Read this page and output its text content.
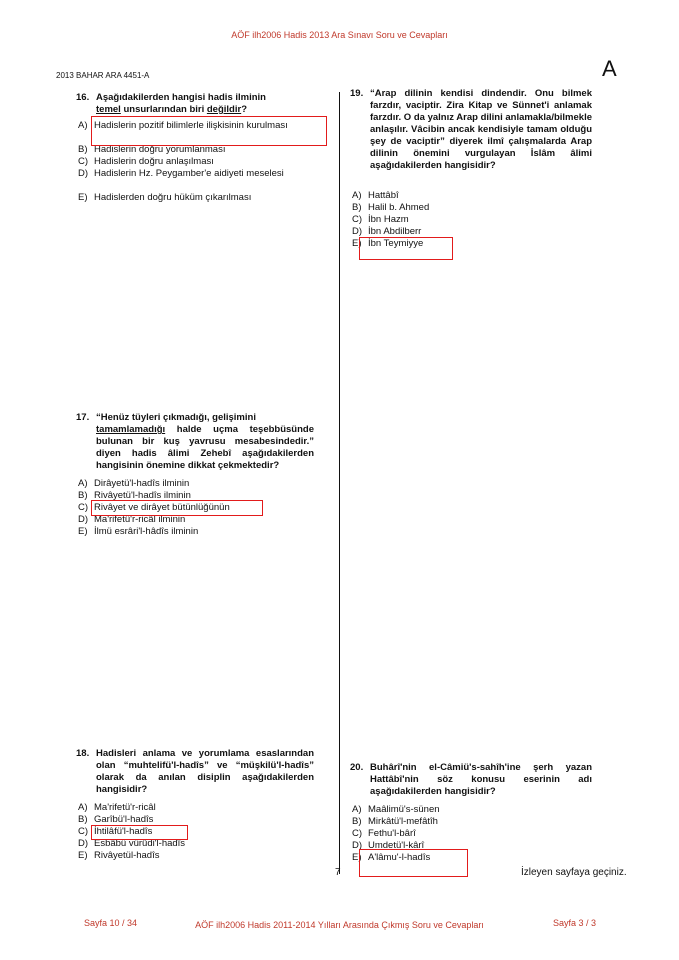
AÖF ilh2006 Hadis 2013 Ara Sınavı Soru ve Cevapları
2013 BAHAR ARA 4451-A	A
16. Aşağıdakilerden hangisi hadis ilminin
temel unsurlarından biri değildir?
A) Hadislerin pozitif bilimlerle ilişkisinin kurulması
B) Hadislerin doğru yorumlanması
C) Hadislerin doğru anlaşılması
D) Hadislerin Hz. Peygamber'e aidiyeti meselesi
E) Hadislerden doğru hüküm çıkarılması
17. “Henüz tüyleri çıkmadığı, gelişimini
tamamlamadığı halde uçma teşebbüsünde bulunan bir kuş yavrusu mesabesindedir.” diyen hadis âlimi Zehebî aşağıdakilerden hangisinin önemine dikkat çekmektedir?
A) Dirâyetü'l-hadîs ilminin
B) Rivâyetü'l-hadîs ilminin
C) Rivâyet ve dirâyet bütünlüğünün
D) Ma'rifetü'r-ricâl ilminin
E) İlmü esrâri'l-hâdîs ilminin
18. Hadisleri anlama ve yorumlama esaslarından olan “muhtelifü'l-hadîs” ve “müşkilü'l-hadîs” olarak da anılan disiplin aşağıdakilerden hangisidir?
A) Ma'rifetü'r-ricâl
B) Garîbü'l-hadîs
C) İhtilâfü'l-hadîs
D) Esbâbü vürûdi'l-hadîs
E) Rivâyetül-hadîs
19. “Arap dilinin kendisi dindendir. Onu bilmek farzdır, vaciptir. Zira Kitap ve Sünnet'i anlamak farzdır. O da yalnız Arap dilini anlamakla/bilmekle anlaşılır. Vâcibin ancak kendisiyle tamam olduğu şey de vaciptir” diyerek ilmî çalışmalarda Arap dilinin önemini vurgulayan İslâm âlimi aşağıdakilerden hangisidir?
A) Hattâbî
B) Halil b. Ahmed
C) İbn Hazm
D) İbn Abdilberr
E) İbn Teymiyye
20. Buhârî'nin el-Câmiü's-sahîh'ine şerh yazan Hattâbî'nin söz konusu eserinin adı aşağıdakilerden hangisidir?
A) Maâlimü's-sünen
B) Mirkâtü'l-mefâtîh
C) Fethu'l-bârî
D) Umdetü'l-kârî
E) A'lâmu'-l-hadîs
7	İzleyen sayfaya geçiniz.
Sayfa 10 / 34	AÖF ilh2006 Hadis 2011-2014 Yılları Arasında Çıkmış Soru ve Cevapları	Sayfa 3 / 3
